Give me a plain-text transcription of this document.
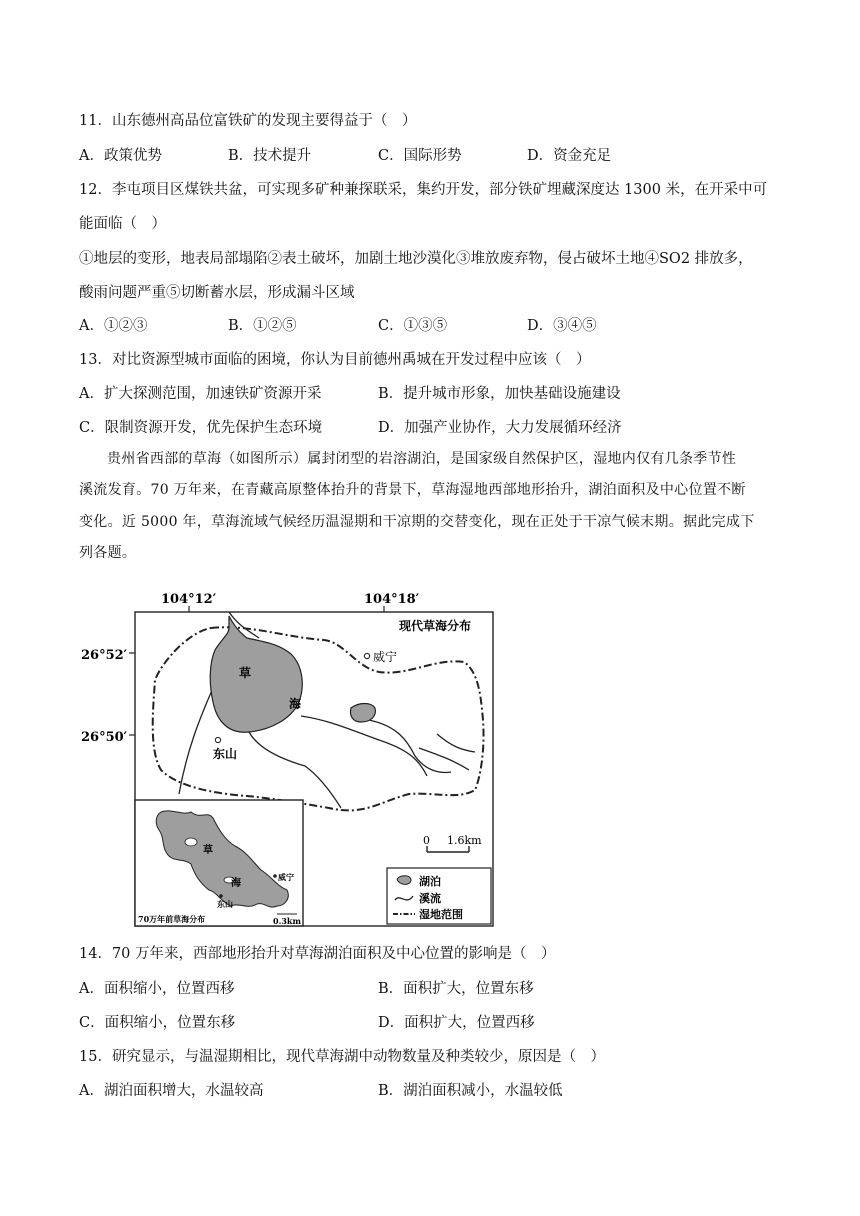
11．山东德州高品位富铁矿的发现主要得益于（　）
A．政策优势	B．技术提升	C．国际形势	D．资金充足
12．李屯项目区煤铁共盆，可实现多矿种兼探联采，集约开发，部分铁矿埋藏深度达 1300 米，在开采中可
能面临（　）
①地层的变形，地表局部塌陷②表土破坏，加剧土地沙漠化③堆放废弃物，侵占破坏土地④SO2 排放多，
酸雨问题严重⑤切断蓄水层，形成漏斗区域
A．①②③	B．①②⑤	C．①③⑤	D．③④⑤
13．对比资源型城市面临的困境，你认为目前德州禹城在开发过程中应该（　）
A．扩大探测范围，加速铁矿资源开采	B．提升城市形象，加快基础设施建设
C．限制资源开发，优先保护生态环境	D．加强产业协作，大力发展循环经济
贵州省西部的草海（如图所示）属封闭型的岩溶湖泊，是国家级自然保护区，湿地内仅有几条季节性
溪流发育。70 万年来，在青藏高原整体抬升的背景下，草海湿地西部地形抬升，湖泊面积及中心位置不断
变化。近 5000 年，草海流域气候经历温湿期和干凉期的交替变化，现在正处于干凉气候末期。据此完成下
列各题。
104°12′	104°18′
26°52′
26°50′
现代草海分布
草
海
威宁
东山
0 1.6km
湖泊
溪流
湿地范围
草
海
威宁
东山
70万年前草海分布	0.3km
14．70 万年来，西部地形抬升对草海湖泊面积及中心位置的影响是（　）
A．面积缩小，位置西移	B．面积扩大，位置东移
C．面积缩小，位置东移	D．面积扩大，位置西移
15．研究显示，与温湿期相比，现代草海湖中动物数量及种类较少，原因是（　）
A．湖泊面积增大，水温较高	B．湖泊面积减小，水温较低
